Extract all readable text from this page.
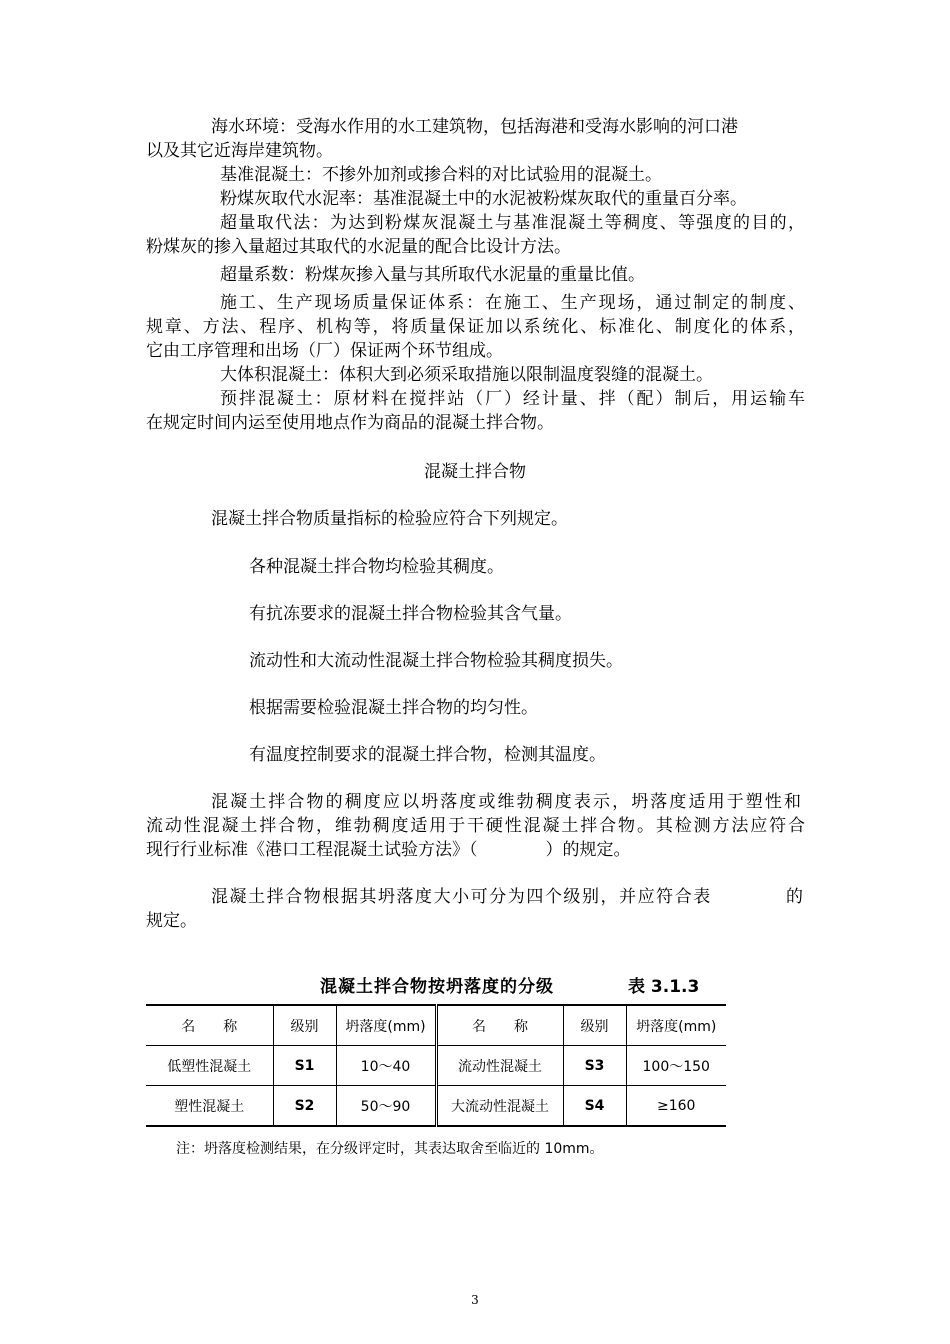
海水环境：受海水作用的水工建筑物，包括海港和受海水影响的河口港
以及其它近海岸建筑物。
基准混凝土：不掺外加剂或掺合料的对比试验用的混凝土。
粉煤灰取代水泥率：基准混凝土中的水泥被粉煤灰取代的重量百分率。
超量取代法：为达到粉煤灰混凝土与基准混凝土等稠度、等强度的目的，
粉煤灰的掺入量超过其取代的水泥量的配合比设计方法。
超量系数：粉煤灰掺入量与其所取代水泥量的重量比值。
施工、生产现场质量保证体系：在施工、生产现场，通过制定的制度、
规章、方法、程序、机构等，将质量保证加以系统化、标准化、制度化的体系，
它由工序管理和出场（厂）保证两个环节组成。
大体积混凝土：体积大到必须采取措施以限制温度裂缝的混凝土。
预拌混凝土：原材料在搅拌站（厂）经计量、拌（配）制后，用运输车
在规定时间内运至使用地点作为商品的混凝土拌合物。
混凝土拌合物
混凝土拌合物质量指标的检验应符合下列规定。
各种混凝土拌合物均检验其稠度。
有抗冻要求的混凝土拌合物检验其含气量。
流动性和大流动性混凝土拌合物检验其稠度损失。
根据需要检验混凝土拌合物的均匀性。
有温度控制要求的混凝土拌合物，检测其温度。
混凝土拌合物的稠度应以坍落度或维勃稠度表示，坍落度适用于塑性和
流动性混凝土拌合物，维勃稠度适用于干硬性混凝土拌合物。其检测方法应符合
现行行业标准《港口工程混凝土试验方法》（　　　　）的规定。
混凝土拌合物根据其坍落度大小可分为四个级别，并应符合表　　　　的
规定。
混凝土拌合物按坍落度的分级	表 3.1.3
名　　称	级别	坍落度(mm)	名　　称	级别	坍落度(mm)
低塑性混凝土	S1	10～40	流动性混凝土	S3	100～150
塑性混凝土	S2	50～90	大流动性混凝土	S4	≥160
注：坍落度检测结果，在分级评定时，其表达取舍至临近的 10mm。
3
